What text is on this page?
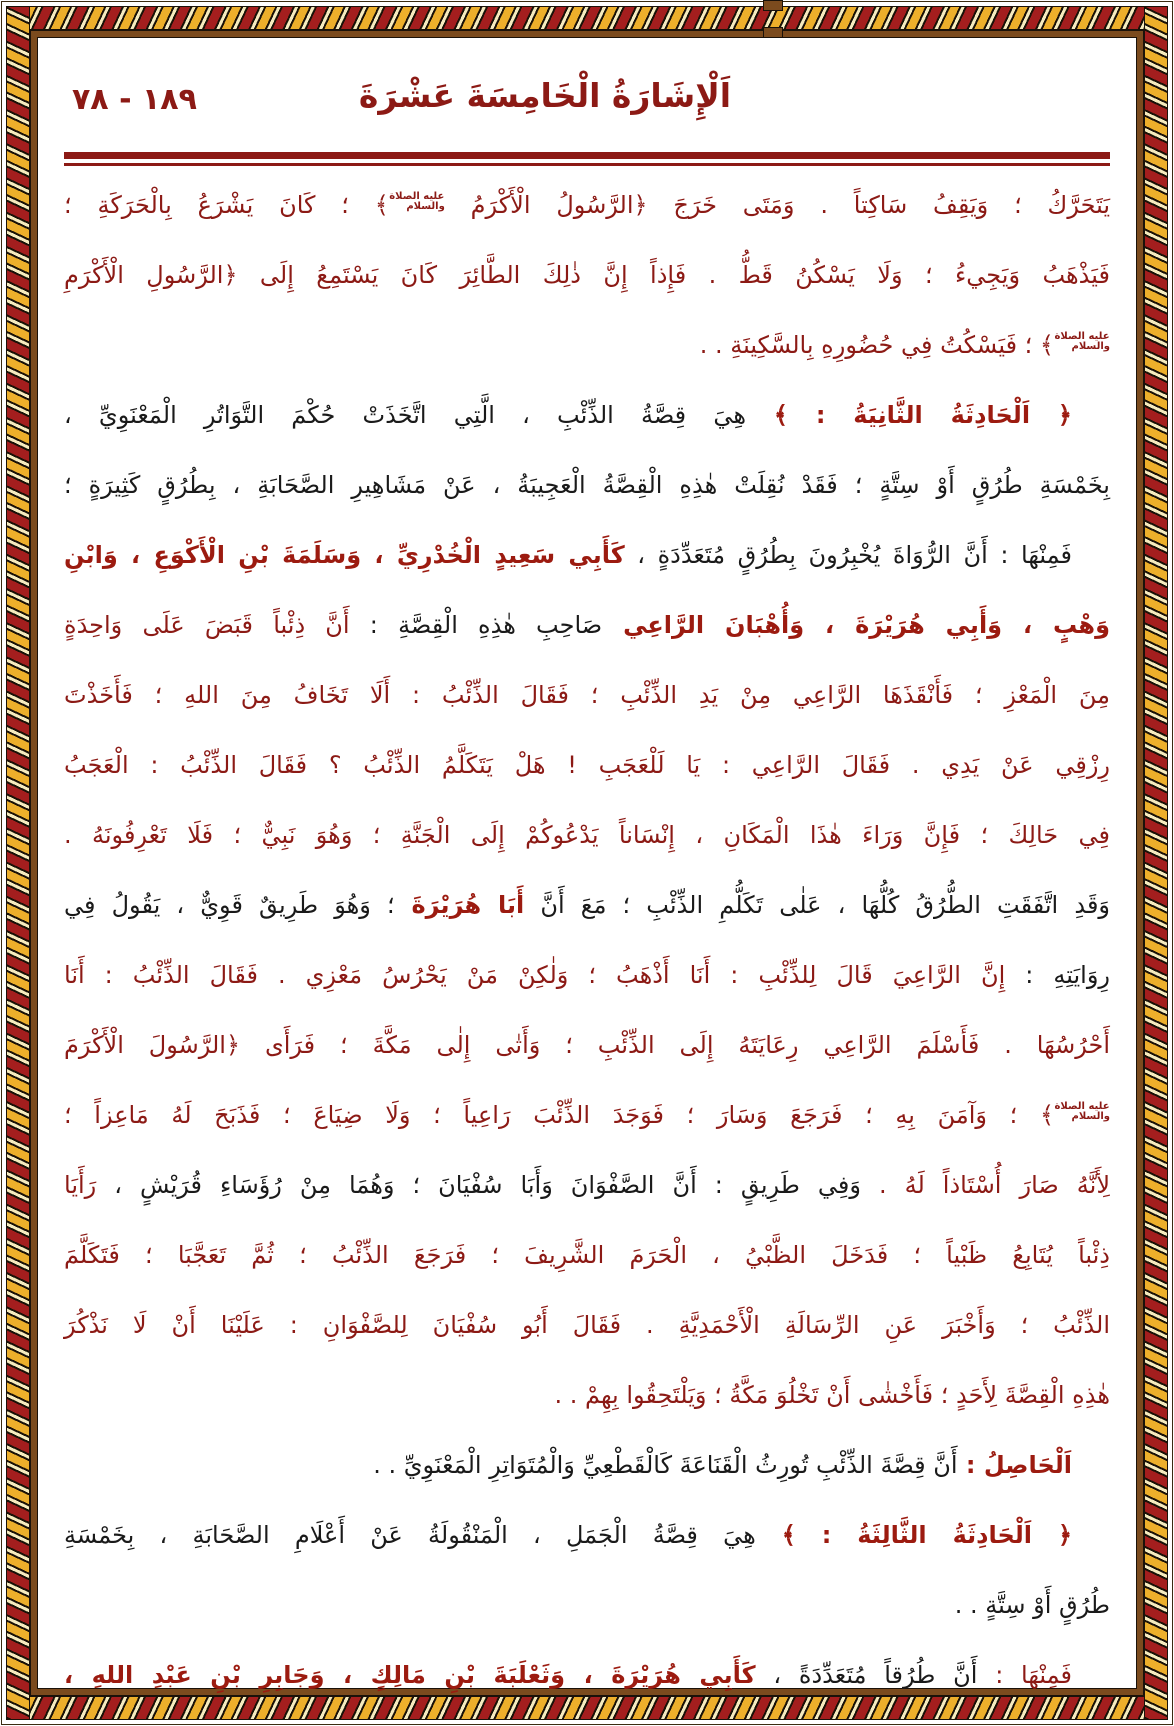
١٨٩ - ٧٨	اَلْإِشَارَةُ الْخَامِسَةَ عَشْرَةَ
يَتَحَرَّكُ ؛ وَيَقِفُ سَاكِتاً . وَمَتَى خَرَجَ ﴿الرَّسُولُ الْأَكْرَمُ عليه الصلاة والسلام﴾ ؛ كَانَ يَشْرَعُ بِالْحَرَكَةِ ؛
فَيَذْهَبُ وَيَجِيءُ ؛ وَلَا يَسْكُنُ قَطُّ . فَإِذاً إِنَّ ذٰلِكَ الطَّائِرَ كَانَ يَسْتَمِعُ إِلَى ﴿الرَّسُولِ الْأَكْرَمِ
عليه الصلاة والسلام﴾ ؛ فَيَسْكُتُ فِي حُضُورِهِ بِالسَّكِينَةِ . .
﴿ اَلْحَادِثَةُ الثَّانِيَةُ : ﴾ هِيَ قِصَّةُ الذِّئْبِ ، الَّتِي اتَّخَذَتْ حُكْمَ التَّوَاتُرِ الْمَعْنَوِيِّ ،
بِخَمْسَةِ طُرُقٍ أَوْ سِتَّةٍ ؛ فَقَدْ نُقِلَتْ هٰذِهِ الْقِصَّةُ الْعَجِيبَةُ ، عَنْ مَشَاهِيرِ الصَّحَابَةِ ، بِطُرُقٍ كَثِيرَةٍ ؛
فَمِنْهَا : أَنَّ الرُّوَاةَ يُخْبِرُونَ بِطُرُقٍ مُتَعَدِّدَةٍ ، كَأَبِي سَعِيدٍ الْخُدْرِيِّ ، وَسَلَمَةَ بْنِ الْأَكْوَعِ ، وَابْنِ
وَهْبٍ ، وَأَبِي هُرَيْرَةَ ، وَأُهْبَانَ الرَّاعِي صَاحِبِ هٰذِهِ الْقِصَّةِ : أَنَّ ذِئْباً قَبَضَ عَلَى وَاحِدَةٍ
مِنَ الْمَعْزِ ؛ فَأَنْقَذَهَا الرَّاعِي مِنْ يَدِ الذِّئْبِ ؛ فَقَالَ الذِّئْبُ : أَلَا تَخَافُ مِنَ اللهِ ؛ فَأَخَذْتَ
رِزْقِي عَنْ يَدِي . فَقَالَ الرَّاعِي : يَا لَلْعَجَبِ ! هَلْ يَتَكَلَّمُ الذِّئْبُ ؟ فَقَالَ الذِّئْبُ : الْعَجَبُ
فِي حَالِكَ ؛ فَإِنَّ وَرَاءَ هٰذَا الْمَكَانِ ، إِنْسَاناً يَدْعُوكُمْ إِلَى الْجَنَّةِ ؛ وَهُوَ نَبِيٌّ ؛ فَلَا تَعْرِفُونَهُ .
وَقَدِ اتَّفَقَتِ الطُّرُقُ كُلُّهَا ، عَلٰى تَكَلُّمِ الذِّئْبِ ؛ مَعَ أَنَّ أَبَا هُرَيْرَةَ ؛ وَهُوَ طَرِيقٌ قَوِيٌّ ، يَقُولُ فِي
رِوَايَتِهِ : إِنَّ الرَّاعِيَ قَالَ لِلذِّئْبِ : أَنَا أَذْهَبُ ؛ وَلٰكِنْ مَنْ يَحْرُسُ مَعْزِي . فَقَالَ الذِّئْبُ : أَنَا
أَحْرُسُهَا . فَأَسْلَمَ الرَّاعِي رِعَايَتَهُ إِلَى الذِّئْبِ ؛ وَأَتٰى إِلٰى مَكَّةَ ؛ فَرَأَى ﴿الرَّسُولَ الْأَكْرَمَ
عليه الصلاة والسلام﴾ ؛ وَآمَنَ بِهِ ؛ فَرَجَعَ وَسَارَ ؛ فَوَجَدَ الذِّئْبَ رَاعِياً ؛ وَلَا ضِيَاعَ ؛ فَذَبَحَ لَهُ مَاعِزاً ؛
لِأَنَّهُ صَارَ أُسْتَاذاً لَهُ . وَفِي طَرِيقٍ : أَنَّ الصَّفْوَانَ وَأَبَا سُفْيَانَ ؛ وَهُمَا مِنْ رُؤَسَاءِ قُرَيْشٍ ، رَأَيَا
ذِئْباً يُتَابِعُ ظَبْياً ؛ فَدَخَلَ الظَّبْيُ ، الْحَرَمَ الشَّرِيفَ ؛ فَرَجَعَ الذِّئْبُ ؛ ثُمَّ تَعَجَّبَا ؛ فَتَكَلَّمَ
الذِّئْبُ ؛ وَأَخْبَرَ عَنِ الرِّسَالَةِ الْأَحْمَدِيَّةِ . فَقَالَ أَبُو سُفْيَانَ لِلصَّفْوَانِ : عَلَيْنَا أَنْ لَا نَذْكُرَ
هٰذِهِ الْقِصَّةَ لِأَحَدٍ ؛ فَأَخْشٰى أَنْ تَخْلُوَ مَكَّةُ ؛ وَيَلْتَحِقُوا بِهِمْ . .
اَلْحَاصِلُ : أَنَّ قِصَّةَ الذِّئْبِ تُورِثُ الْقَنَاعَةَ كَالْقَطْعِيِّ وَالْمُتَوَاتِرِ الْمَعْنَوِيِّ . .
﴿ اَلْحَادِثَةُ الثَّالِثَةُ : ﴾ هِيَ قِصَّةُ الْجَمَلِ ، الْمَنْقُولَةُ عَنْ أَعْلَامِ الصَّحَابَةِ ، بِخَمْسَةِ
طُرُقٍ أَوْ سِتَّةٍ . .
فَمِنْهَا : أَنَّ طُرُقاً مُتَعَدِّدَةً ، كَأَبِي هُرَيْرَةَ ، وَثَعْلَبَةَ بْنِ مَالِكٍ ، وَجَابِرِ بْنِ عَبْدِ اللهِ ،
